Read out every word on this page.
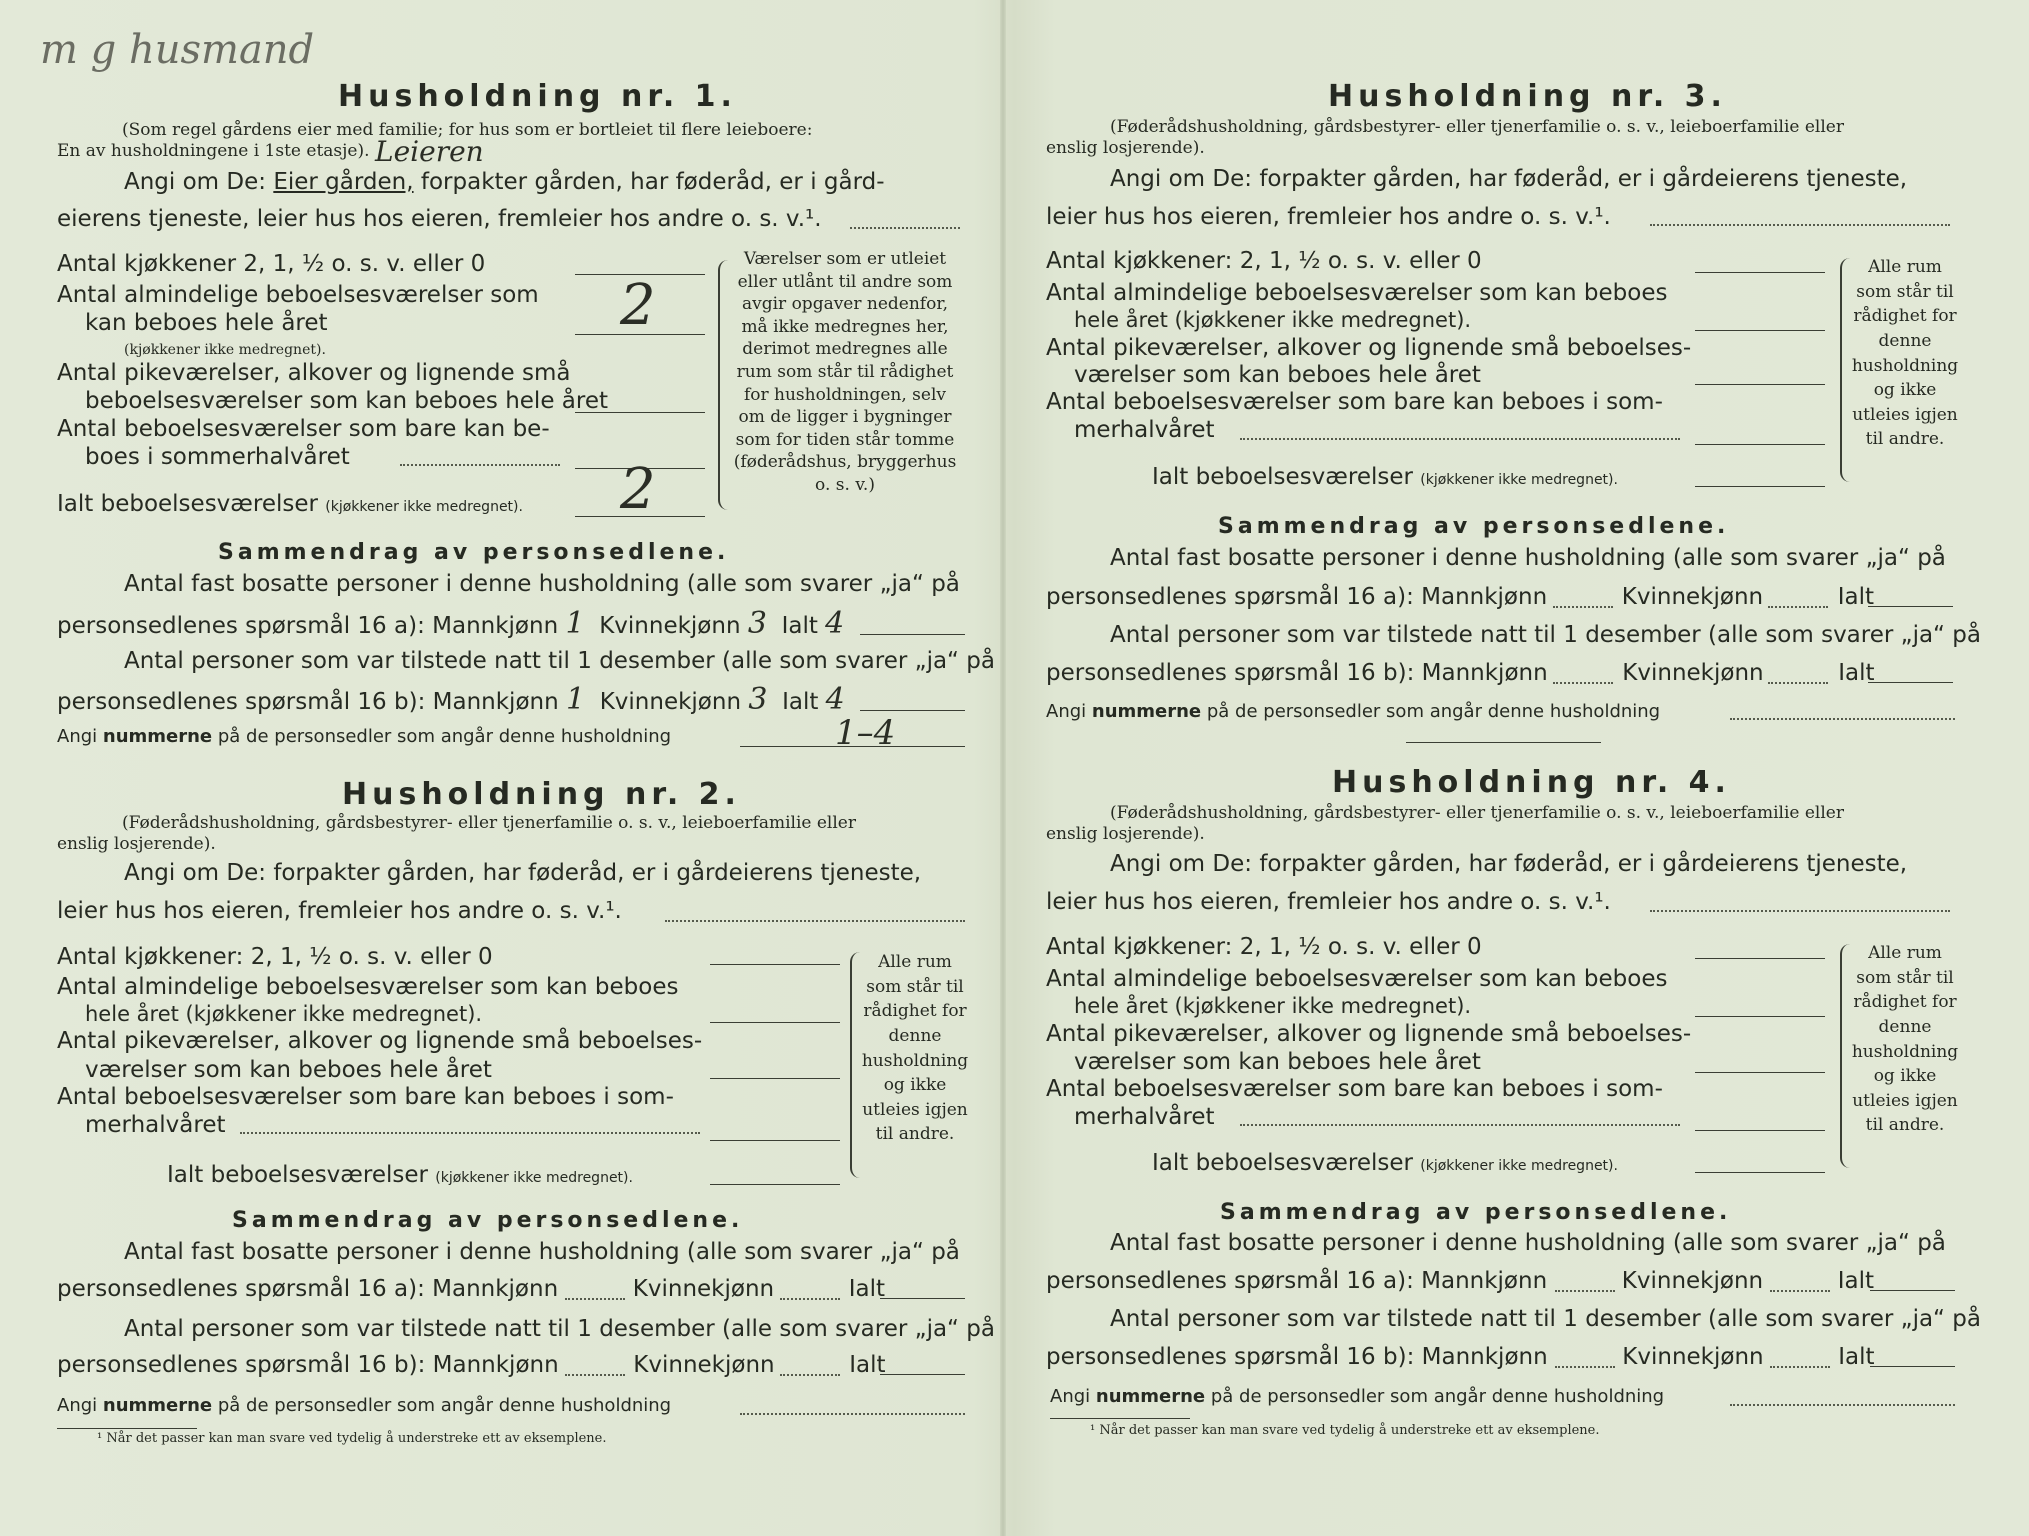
m g husmand
Husholdning nr. 1.
(Som regel gårdens eier med familie; for hus som er bortleiet til flere leieboere:
En av husholdningene i 1ste etasje). Leieren
Angi om De: Eier gården, forpakter gården, har føderåd, er i gård-
eierens tjeneste, leier hus hos eieren, fremleier hos andre o. s. v.¹.
Antal kjøkkener 2, 1, ½ o. s. v. eller 0
Antal almindelige beboelsesværelser som
kan beboes hele året	2
(kjøkkener ikke medregnet).
Antal pikeværelser, alkover og lignende små
beboelsesværelser som kan beboes hele året
Antal beboelsesværelser som bare kan be-
boes i sommerhalvåret
Ialt beboelsesværelser (kjøkkener ikke medregnet). 2
Værelser som er utleiet eller utlånt til andre som avgir opgaver nedenfor, må ikke medregnes her, derimot medregnes alle rum som står til rådighet for husholdningen, selv om de ligger i bygninger som for tiden står tomme (føderådshus, bryggerhus o. s. v.)
Sammendrag av personsedlene.
Antal fast bosatte personer i denne husholdning (alle som svarer „ja“ på
personsedlenes spørsmål 16 a): Mannkjønn 1 Kvinnekjønn 3 Ialt 4
Antal personer som var tilstede natt til 1 desember (alle som svarer „ja“ på
personsedlenes spørsmål 16 b): Mannkjønn 1 Kvinnekjønn 3 Ialt 4
Angi nummerne på de personsedler som angår denne husholdning	1–4
Husholdning nr. 2.
(Føderådshusholdning, gårdsbestyrer- eller tjenerfamilie o. s. v., leieboerfamilie eller
enslig losjerende).
Angi om De: forpakter gården, har føderåd, er i gårdeierens tjeneste,
leier hus hos eieren, fremleier hos andre o. s. v.¹.
Antal kjøkkener: 2, 1, ½ o. s. v. eller 0
Antal almindelige beboelsesværelser som kan beboes
hele året (kjøkkener ikke medregnet).
Antal pikeværelser, alkover og lignende små beboelses-
værelser som kan beboes hele året
Antal beboelsesværelser som bare kan beboes i som-
merhalvåret
Ialt beboelsesværelser (kjøkkener ikke medregnet).
Alle rum som står til rådighet for denne husholdning og ikke utleies igjen til andre.
Sammendrag av personsedlene.
Antal fast bosatte personer i denne husholdning (alle som svarer „ja“ på
personsedlenes spørsmål 16 a): Mannkjønn	Kvinnekjønn	Ialt
Antal personer som var tilstede natt til 1 desember (alle som svarer „ja“ på
personsedlenes spørsmål 16 b): Mannkjønn	Kvinnekjønn	Ialt
Angi nummerne på de personsedler som angår denne husholdning
¹ Når det passer kan man svare ved tydelig å understreke ett av eksemplene.
Husholdning nr. 3.
(Føderådshusholdning, gårdsbestyrer- eller tjenerfamilie o. s. v., leieboerfamilie eller
enslig losjerende).
Angi om De: forpakter gården, har føderåd, er i gårdeierens tjeneste,
leier hus hos eieren, fremleier hos andre o. s. v.¹.
Antal kjøkkener: 2, 1, ½ o. s. v. eller 0
Antal almindelige beboelsesværelser som kan beboes
hele året (kjøkkener ikke medregnet).
Antal pikeværelser, alkover og lignende små beboelses-
værelser som kan beboes hele året
Antal beboelsesværelser som bare kan beboes i som-
merhalvåret
Ialt beboelsesværelser (kjøkkener ikke medregnet).
Alle rum som står til rådighet for denne husholdning og ikke utleies igjen til andre.
Sammendrag av personsedlene.
Antal fast bosatte personer i denne husholdning (alle som svarer „ja“ på
personsedlenes spørsmål 16 a): Mannkjønn	Kvinnekjønn	Ialt
Antal personer som var tilstede natt til 1 desember (alle som svarer „ja“ på
personsedlenes spørsmål 16 b): Mannkjønn	Kvinnekjønn	Ialt
Angi nummerne på de personsedler som angår denne husholdning
Husholdning nr. 4.
(Føderådshusholdning, gårdsbestyrer- eller tjenerfamilie o. s. v., leieboerfamilie eller
enslig losjerende).
Angi om De: forpakter gården, har føderåd, er i gårdeierens tjeneste,
leier hus hos eieren, fremleier hos andre o. s. v.¹.
Antal kjøkkener: 2, 1, ½ o. s. v. eller 0
Antal almindelige beboelsesværelser som kan beboes
hele året (kjøkkener ikke medregnet).
Antal pikeværelser, alkover og lignende små beboelses-
værelser som kan beboes hele året
Antal beboelsesværelser som bare kan beboes i som-
merhalvåret
Ialt beboelsesværelser (kjøkkener ikke medregnet).
Alle rum som står til rådighet for denne husholdning og ikke utleies igjen til andre.
Sammendrag av personsedlene.
Antal fast bosatte personer i denne husholdning (alle som svarer „ja“ på
personsedlenes spørsmål 16 a): Mannkjønn	Kvinnekjønn	Ialt
Antal personer som var tilstede natt til 1 desember (alle som svarer „ja“ på
personsedlenes spørsmål 16 b): Mannkjønn	Kvinnekjønn	Ialt
Angi nummerne på de personsedler som angår denne husholdning
¹ Når det passer kan man svare ved tydelig å understreke ett av eksemplene.
